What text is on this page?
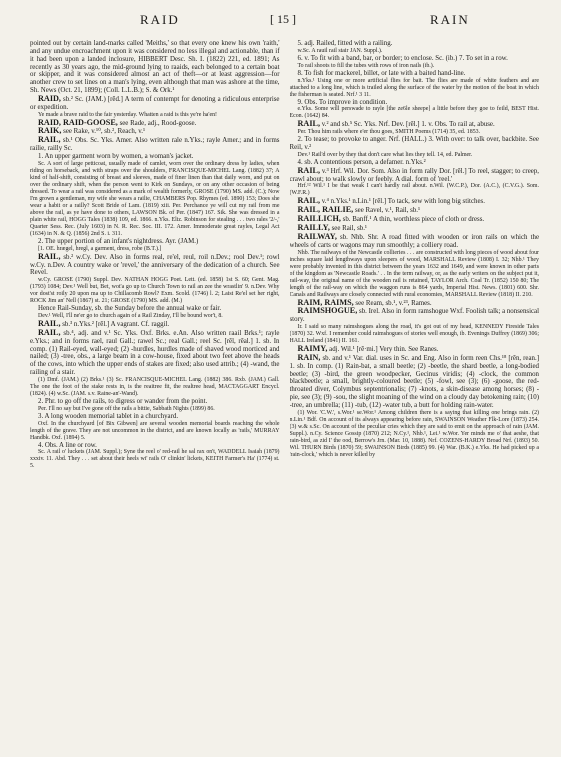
RAID	[ 15 ]	RAIN

pointed out by certain land-marks called 'Meiths,' so that every one knew his own 'raith,' and any undue encroachment upon it was considered no less illegal and actionable, than if it had been upon a landed inclosure, HIBBERT Desc. Sh. I. (1822) 221, ed. 1891; As recently as 30 years ago, the mid-ground lying to raaids, each belonged to a certain boat or skipper, and it was considered almost an act of theft—or at least aggression—for another crew to set lines on a man's lying, even although that man was ashore at the time, Sh. News (Oct. 21, 1899); (Coll. L.L.B.); S. & Ork.¹

RAID, sb.² Sc. (JAM.) [rēd.] A term of contempt for denoting a ridiculous enterprise or expedition.

Ye made a brave raid to the fair yesterday. Whatten a raid is this ye're ha'en!

RAID, RAID-GOOSE, see Rade, adj., Rood-goose.

RAIK, see Rake, v.¹⁰, sb.², Reach, v.¹

RAIL, sb.¹ Obs. Sc. Yks. Amer. Also written rale n.Yks.; rayle Amer.; and in forms railie, railly Sc.

1. An upper garment worn by women, a woman's jacket.

Sc. A sort of large petticoat, usually made of camlet, worn over the ordinary dress by ladies, when riding on horseback, and with straps over the shoulders, FRANCISQUE-MICHEL Lang. (1882) 37; A kind of half-shift, consisting of breast and sleeves, made of finer linen than that daily worn, and put on over the ordinary shift, when the person went to Kirk on Sundays, or on any other occasion of being dressed. To wear a rail was considered as a mark of wealth formerly, GROSE (1790) MS. add. (C.); Now I'm grown a gentleman, my wife she wears a railie, CHAMBERS Pop. Rhymes (ed. 1890) 153; Does she wear a habit or a railly? Scott Bride of Lam. (1819) xiii. Per. Perchance ye will cut my rail from me above the rail, as ye have done to others, LAWSON Bk. of Per. (1847) 167. Sik. She was dressed in a plain white rail, HOGG Tales (1838) 109, ed. 1866. n.Yks. Eliz. Robinson for stealing . . . two rales '2/-,' Quarter Sess. Rec. (July 1603) in N. R. Rec. Soc. III. 172. Amer. Immoderate great rayles, Legal Act (1634) in N. & Q. (1856) 2nd S. i. 311.

2. The upper portion of an infant's nightdress. Ayr. (JAM.)

[1. OE. hrægel, hregl, a garment, dress, robe (B.T.).]

RAIL, sb.² w.Cy. Dev. Also in forms real, re'el, reul, roil n.Dev.; rool Dev.¹; rowl w.Cy. n.Dev. A country wake or 'revel,' the anniversary of the dedication of a church. See Revel.

w.Cy. GROSE (1790) Suppl. Dev. NATHAN HOGG Poet. Lett. (ed. 1858) 1st S. 60; Gent. Mag. (1793) 1084; Dev.¹ Well but, Bet, wot'a go up to Church Town to rail an zee the wrastlin' 9. n.Dev. Why vor dost'st roily 20 upon ma up to Chillacomb Rowl? Exm. Scold. (1746) l. 2; Laist Re'el set her right, ROCK Jim an' Nell (1867) st. 21; GROSE (1790) MS. add. (M.)

Hence Rail-Sunday, sb. the Sunday before the annual wake or fair.

Dev.¹ Well, I'll ne'er go to church again of a Rail Zinday, I'll be bound wor't, 8.

RAIL, sb.³ n.Yks.² [rēl.] A vagrant. Cf. raggil.

RAIL, sb.⁴, adj. and v.¹ Sc. Yks. Oxf. Brks. e.An. Also written raail Brks.¹; rayle e.Yks.; and in forms rael, raul Gall.; rawel Sc.; real Gall.; reel Sc. [rēl, rēal.] 1. sb. In comp. (1) Rail-eyed, wall-eyed; (2) -hurdles, hurdles made of shaved wood morticed and nailed; (3) -tree, obs., a large beam in a cow-house, fixed about two feet above the heads of the cows, into which the upper ends of stakes are fixed; also used attrib.; (4) -wand, the railing of a stair.

(1) Dmf. (JAM.) (2) Brks.¹ (3) Sc. FRANCISQUE-MICHEL Lang. (1882) 386. Rxb. (JAM.) Gall. The one the foot of the stake rests in, is the reaitree fit, the realtree head, MACTAGGART Encycl. (1824). (4) w.Sc. (JAM. s.v. Raine-an'-Wand).

2. Phr. to go off the rails, to digress or wander from the point.

Per. I'll no say but I've gone off the rails a bittie, Sabbath Nights (1899) 86.

3. A long wooden memorial tablet in a churchyard.

Oxf. In the churchyard [of Bix Gibwen] are several wooden memorial boards reaching the whole length of the grave. They are not uncommon in the district, and are known locally as 'rails,' MURRAY Handbk. Oxf. (1894) 5.

4. Obs. A line or row.

Sc. A rail o' luckets (JAM. Suppl.); Syne the reel o' red-rail he sal rax on't, WADDELL Isaiah (1879) xxxiv. 11. Abd. They . . . set about their heels wi' rails O' clinkin' lickets, KEITH Farmer's Ha' (1774) st. 5.

5. adj. Railed, fitted with a railing.

w.Sc. A rauil rail stair JAN. Suppl.).

6. v. To fit with a band, bar, or border; to enclose. Sc. (ib.) 7. To set in a row.

To rail shoots to fill the tubes with rows of iron nails (ib.).

8. To fish for mackerel, billet, or late with a baited hand-line.

n.Yks.¹ Using one or more artificial flies for bait. The flies are made of white feathers and are attached to a long line, which is trailed along the surface of the water by the motion of the boat in which the fisherman is seated. Nrf.¹ 3 11.

9. Obs. To improve in condition.

e.Yks. Some will perswade to rayle [the ze6le sheepe] a little before they goe to feild, BEST Hist. Econ. (1642) 84.

RAIL, v.² and sb.⁵ Sc. Yks. Nrf. Dev. [rēl.] 1. v. Obs. To rail at, abuse.

Per. Thou him rails where e'er thou goes, SMITH Poems (1714) 35, ed. 1853.

2. To tease; to provoke to anger. Nrf. (HALL.) 3. With over: to talk over, backbite. See Reil, v.²

Dev.¹ Rail'd over by they that don't care what lies they tell. 14, ed. Palmer.

4. sb. A contentious person, a defamer. n.Yks.²

RAIL, v.³ Hrf. Wil. Dor. Som. Also in form rally Dor. [rēl.] To reel, stagger; to creep, crawl about; to walk slowly or feebly. A dial. form of 'reel.'

Hrf.¹² Wil.¹ I be that weak I can't hardly rail about. n.Wil. (W.C.P.), Dor. (A.C.), (C.V.G.). Som. (W.F.R.)

RAIL, v.⁴ n.Yks.¹ n.Lin.¹ [rēl.] To tack, sew with long big stitches.

RAIL, RAILIE, see Ravel, v.¹, Rail, sb.¹

RAILLICH, sb. Banff.¹ A thin, worthless piece of cloth or dress.

RAILLY, see Rail, sb.¹

RAILWAY, sb. Nhb. Shr. A road fitted with wooden or iron rails on which the wheels of carts or wagons may run smoothly; a colliery road.

Nhb. The railways of the Newcastle collieries . . . are constructed with long pieces of wood about four inches square laid lengthways upon sleepers of wood, MARSHALL Review (1808) I. 32; Nhb.¹ They were probably invented in this district between the years 1632 and 1649, and were known in other parts of the kingdom as 'Newcastle Roads.' . . In the term railway, or, as the early writers on the subject put it, rail-way, the original name of the wooden rail is retained, TAYLOR Arch. Coal Tr. (1852) 150 80; The length of the rail-way on which the waggon runs is 864 yards, Imperial Hist. News. (1801) 600. Shr. Canals and Railways are closely connected with rural economies, MARSHALL Review (1818) II. 210.

RAIM, RAIMS, see Ream, sb.¹, v.²³, Rames.

RAIMSHOGUE, sb. Irel. Also in form ramshogue Wxf. Foolish talk; a nonsensical story.

Ir. I said so many raimshogues along the road, it's got out of my head, KENNEDY Fireside Tales (1870) 32. Wxf. I remember could raimshogues of stories well enough, ib. Evenings Duffrey (1869) 306; HALL Ireland (1841) II. 161.

RAIMY, adj. Wil.¹ [rē·mi.] Very thin. See Ranes.

RAIN, sb. and v.¹ Var. dial. uses in Sc. and Eng. Also in form reen Chs.¹⁸ [rēn, rean.] 1. sb. In comp. (1) Rain-bat, a small beetle; (2) -beetle, the shard beetle, a long-bodied beetle; (3) -bird, the green woodpecker, Gecinus viridis; (4) -clock, the common blackbeetle; a small, brightly-coloured beetle; (5) -fowl, see (3); (6) -goose, the red-throated diver, Colymbus septentrionalis; (7) -knots, a skin-disease among horses; (8) -pie, see (3); (9) -sou, the slight moaning of the wind on a cloudy day betokening rain; (10) -tree, an umbrella; (11) -tub, (12) -water tub, a butt for holding rain-water.

(1) Wor. 'C.W.', s.Wor.¹ se.Wor.¹ Among children there is a saying that killing one brings rain. (2) n.Lin.¹ Bdf. On account of its always appearing before rain, SWAINSON Weather Flk-Lore (1873) 254. (3) w.& s.Sc. On account of the peculiar cries which they are said to emit on the approach of rain (JAM. Suppl.). n.Cy. Science Gossip (1870) 212; N.Cy.¹, Nhb.¹, Lei.¹ w.Wor. Yer minds me o' that aeshe, that rain-bird, as zid I' the ood, Berrow's Jrn. (Mar. 10, 1888). Nrf. COZENS-HARDY Broad Nrf. (1893) 50. Wil. THURN Birds (1870) 59; SWAINSON Birds (1885) 99. (4) War. (B.K.) e.Yks. He had picked up a 'rain-clock,' which is never killed by
